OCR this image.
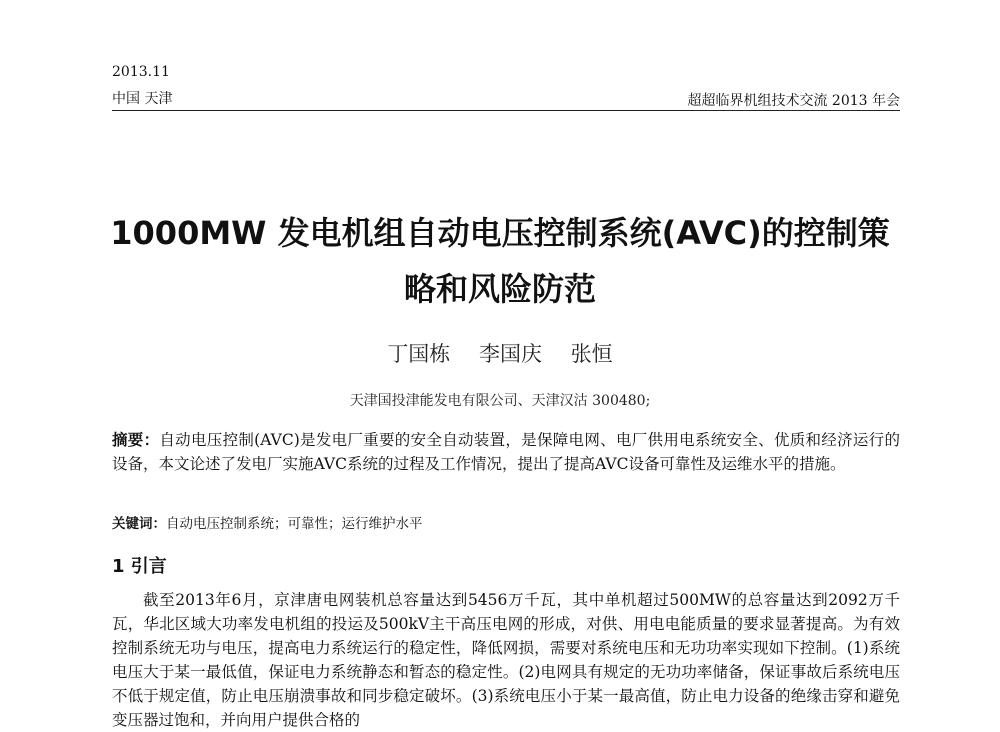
2013.11
中国 天津	超超临界机组技术交流 2013 年会
1000MW 发电机组自动电压控制系统(AVC)的控制策略和风险防范
丁国栋 李国庆 张恒
天津国投津能发电有限公司、天津汉沽 300480;
摘要：自动电压控制(AVC)是发电厂重要的安全自动装置，是保障电网、电厂供用电系统安全、优质和经济运行的设备，本文论述了发电厂实施AVC系统的过程及工作情况，提出了提高AVC设备可靠性及运维水平的措施。
关键词：自动电压控制系统；可靠性；运行维护水平
1 引言

截至2013年6月，京津唐电网装机总容量达到5456万千瓦，其中单机超过500MW的总容量达到2092万千瓦，华北区域大功率发电机组的投运及500kV主干高压电网的形成，对供、用电电能质量的要求显著提高。为有效控制系统无功与电压，提高电力系统运行的稳定性，降低网损，需要对系统电压和无功功率实现如下控制。(1)系统电压大于某一最低值，保证电力系统静态和暂态的稳定性。(2)电网具有规定的无功功率储备，保证事故后系统电压不低于规定值，防止电压崩溃事故和同步稳定破坏。(3)系统电压小于某一最高值，防止电力设备的绝缘击穿和避免变压器过饱和，并向用户提供合格的
